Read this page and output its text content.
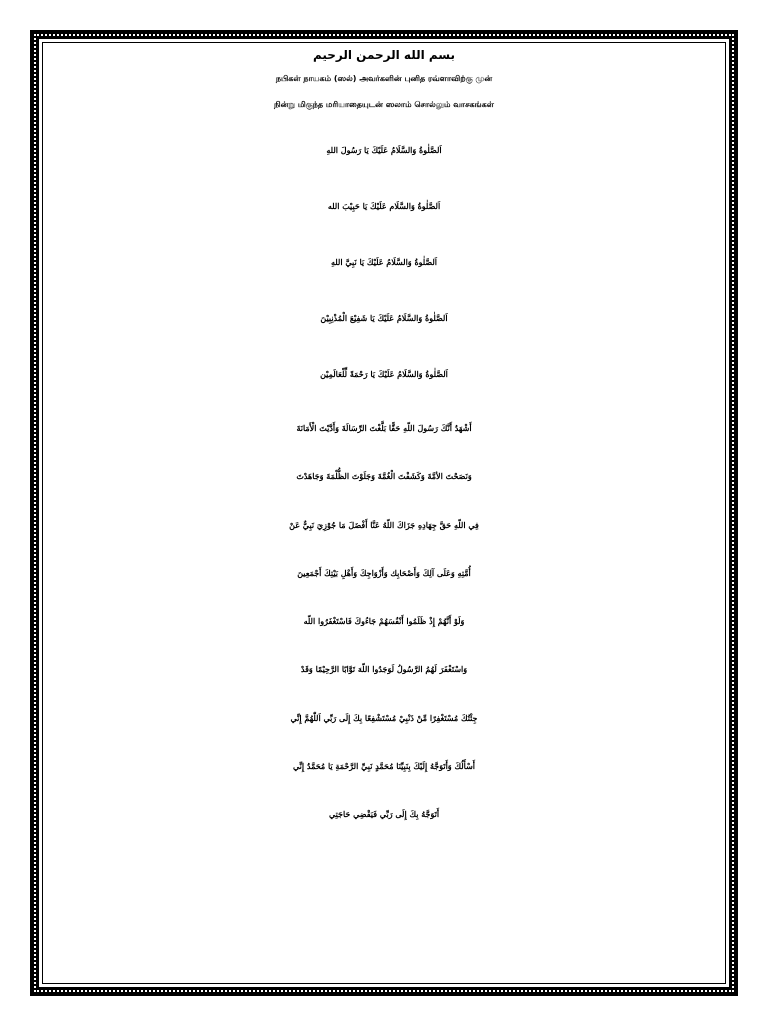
بسم الله الرحمن الرحيم

நபிகள் நாயகம் (ஸல்) அவர்களின் புனித ரவ்ளாவிற்கு முன்

நின்று மிகுந்த மரியாதையுடன் ஸலாம் சொல்லும் வாசகங்கள்

اَلصَّلٰوةُ وَالسَّلَامُ عَلَيْكَ يَا رَسُولَ اللهِ

اَلصَّلٰوةُ وَالسَّلَام عَلَيْكَ يَا حَبِيْبَ الله

اَلصَّلٰوةُ وَالسَّلَامُ عَلَيْكَ يَا نَبِيَّ اللهِ

اَلصَّلٰوةُ وَالسَّلَامُ عَلَيْكَ يَا شَفِيْعَ الْمُذْنِبِيْنَ

اَلصَّلٰوةُ وَالسَّلَامُ عَلَيْكَ يَا رَحْمَةً لِّلْعَالَمِيْن

أَشْهَدُ أَنَّكَ رَسُولَ اللّهِ حَقًّا بَلَّغْتَ الرِّسَالَةَ وَأَدَّيْتَ الْأَمَانَةَ

وَنَصَحْتَ الأمَّةَ وَكَشَفْتَ الْغُمَّةَ وَجَلَوْتَ الظُّلْمَةَ وَجَاهَدْتَ

فِي اللّهِ حَقَّ جِهَادِهِ جَزَاكَ اللّهُ عَنَّا أَفْضَلَ مَا جُوْزِيَ نَبِيٌّ عَنْ

أُمَّتِهِ وَعَلَى آلِكَ وَأَصْحَابِك وَأَزْوَاجِكَ وَأَهْلِ بَيْتِكَ أَجْمَعِينَ

وَلَوْ أَنَّهُمْ إِذْ ظَلَمُوا أَنْفُسَهُمْ جَاءُوكَ فَاسْتَغْفَرُوا اللّه

وَاسْتَغْفَرَ لَهُمُ الرَّسُولُ لَوَجَدُوا اللّهَ تَوَّابًا الرَّحِيْمًا وَقَدْ

جِئْتُكَ مُسْتَغْفِرًا مِّنْ ذَنْبِيْ مُسْتَشْفِعًا بِكَ إِلَى رَبِّي اَللّٰهُمَّ إِنِّي

أَسْأَلُكَ وَأَتَوَجَّهُ إِلَيْكَ بِنَبِيِّنَا مُحَمَّدٍ نَبِيِّ الرَّحْمَةِ يَا مُحَمَّدُ إِنِّي

أَتَوَجَّهُ بِكَ إِلَى رَبِّي فَيَقْضِي حَاجَتِي
